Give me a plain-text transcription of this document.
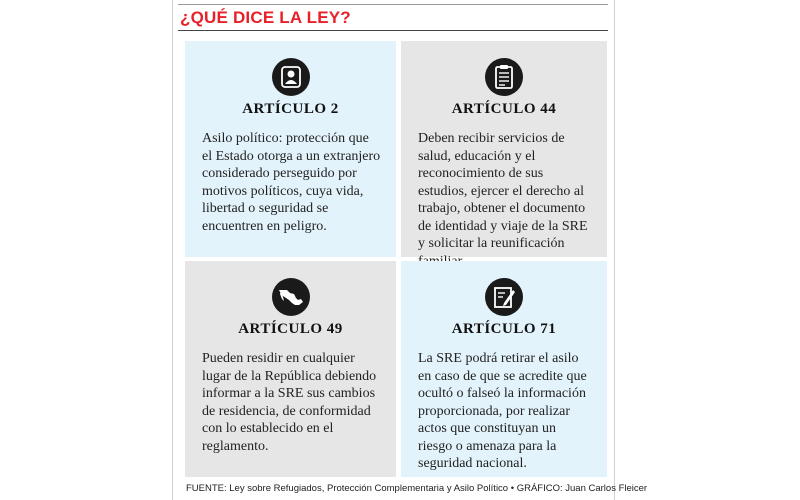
¿QUÉ DICE LA LEY?
ARTÍCULO 2
Asilo político: protección que el Estado otorga a un extranjero considerado perseguido por motivos políticos, cuya vida, libertad o seguridad se encuentren en peligro.
ARTÍCULO 44
Deben recibir servicios de salud, educación y el reconocimiento de sus estudios, ejercer el derecho al trabajo, obtener el documento de identidad y viaje de la SRE y solicitar la reunificación
ARTÍCULO 49
Pueden residir en cualquier lugar de la República debiendo informar a la SRE sus cambios de residencia, de conformidad con lo establecido en el reglamento.
ARTÍCULO 71
La SRE podrá retirar el asilo en caso de que se acredite que ocultó o falseó la información proporcionada, por realizar actos que constituyan un riesgo o amenaza para la seguridad nacional.
FUENTE: Ley sobre Refugiados, Protección Complementaria y Asilo Político • GRÁFICO: Juan Carlos Fleicer
